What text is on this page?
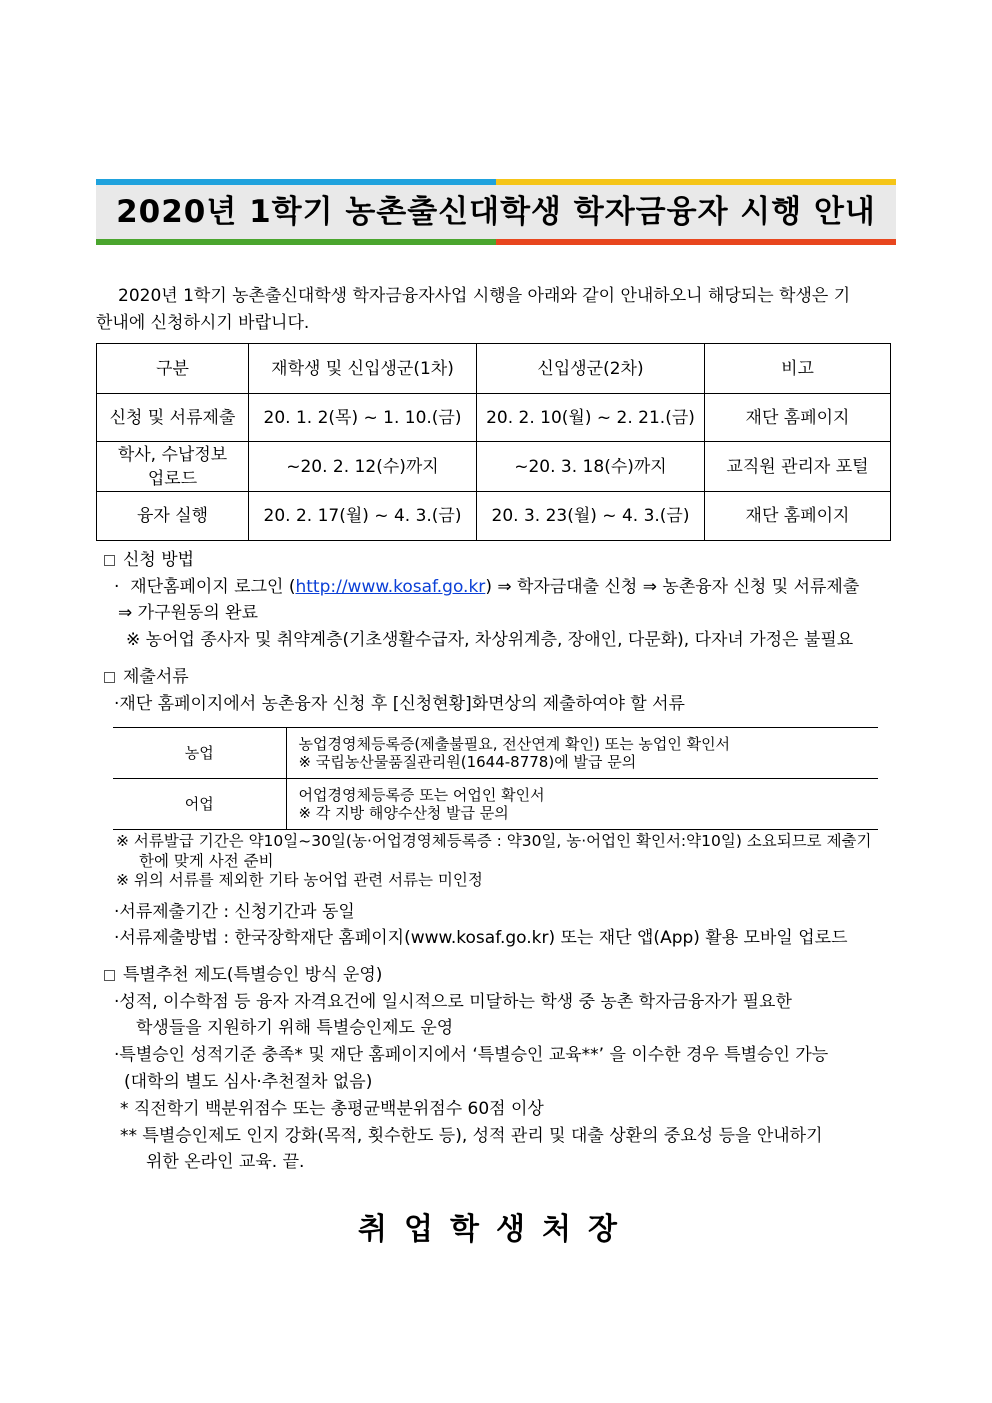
2020년 1학기 농촌출신대학생 학자금융자 시행 안내
2020년 1학기 농촌출신대학생 학자금융자사업 시행을 아래와 같이 안내하오니 해당되는 학생은 기
한내에 신청하시기 바랍니다.
구분	재학생 및 신입생군(1차)	신입생군(2차)	비고
신청 및 서류제출	20. 1. 2(목) ~ 1. 10.(금)	20. 2. 10(월) ~ 2. 21.(금)	재단 홈페이지

학사, 수납정보
업로드	~20. 2. 12(수)까지	~20. 3. 18(수)까지	교직원 관리자 포털
융자 실행	20. 2. 17(월) ~ 4. 3.(금)	20. 3. 23(월) ~ 4. 3.(금)	재단 홈페이지
신청 방법
·  재단홈페이지 로그인 (http://www.kosaf.go.kr) ⇒ 학자금대출 신청 ⇒ 농촌융자 신청 및 서류제출
⇒ 가구원동의 완료
※ 농어업 종사자 및 취약계층(기초생활수급자, 차상위계층, 장애인, 다문화), 다자녀 가정은 불필요
제출서류
·재단 홈페이지에서 농촌융자 신청 후 [신청현황]화면상의 제출하여야 할 서류
농업	농업경영체등록증(제출불필요, 전산연계 확인) 또는 농업인 확인서
※ 국립농산물품질관리원(1644-8778)에 발급 문의

어업	어업경영체등록증 또는 어업인 확인서
※ 각 지방 해양수산청 발급 문의
※ 서류발급 기간은 약10일~30일(농·어업경영체등록증 : 약30일, 농·어업인 확인서:약10일) 소요되므로 제출기
한에 맞게 사전 준비
※ 위의 서류를 제외한 기타 농어업 관련 서류는 미인정
·서류제출기간 : 신청기간과 동일
·서류제출방법 : 한국장학재단 홈페이지(www.kosaf.go.kr) 또는 재단 앱(App) 활용 모바일 업로드
특별추천 제도(특별승인 방식 운영)
·성적, 이수학점 등 융자 자격요건에 일시적으로 미달하는 학생 중 농촌 학자금융자가 필요한
학생들을 지원하기 위해 특별승인제도 운영
·특별승인 성적기준 충족* 및 재단 홈페이지에서 ‘특별승인 교육**’ 을 이수한 경우 특별승인 가능
(대학의 별도 심사·추천절차 없음)
* 직전학기 백분위점수 또는 총평균백분위점수 60점 이상
** 특별승인제도 인지 강화(목적, 횟수한도 등), 성적 관리 및 대출 상환의 중요성 등을 안내하기
위한 온라인 교육. 끝.
취업학생처장
